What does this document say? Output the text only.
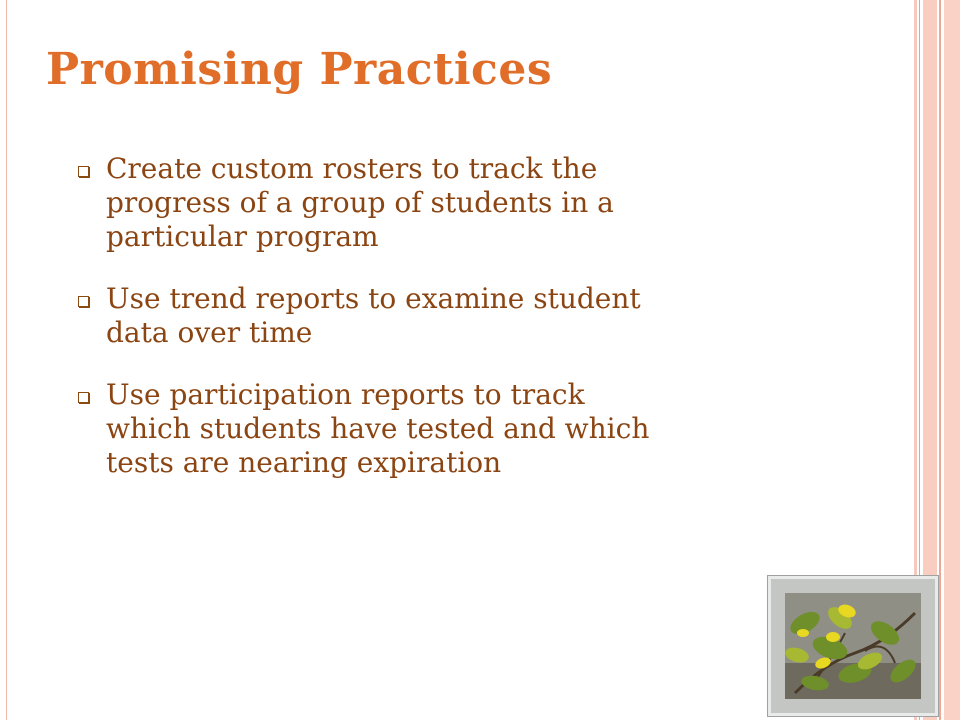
Promising Practices
Create custom rosters to track the
progress of a group of students in a
particular program
Use trend reports to examine student
data over time
Use participation reports to track
which students have tested and which
tests are nearing expiration
